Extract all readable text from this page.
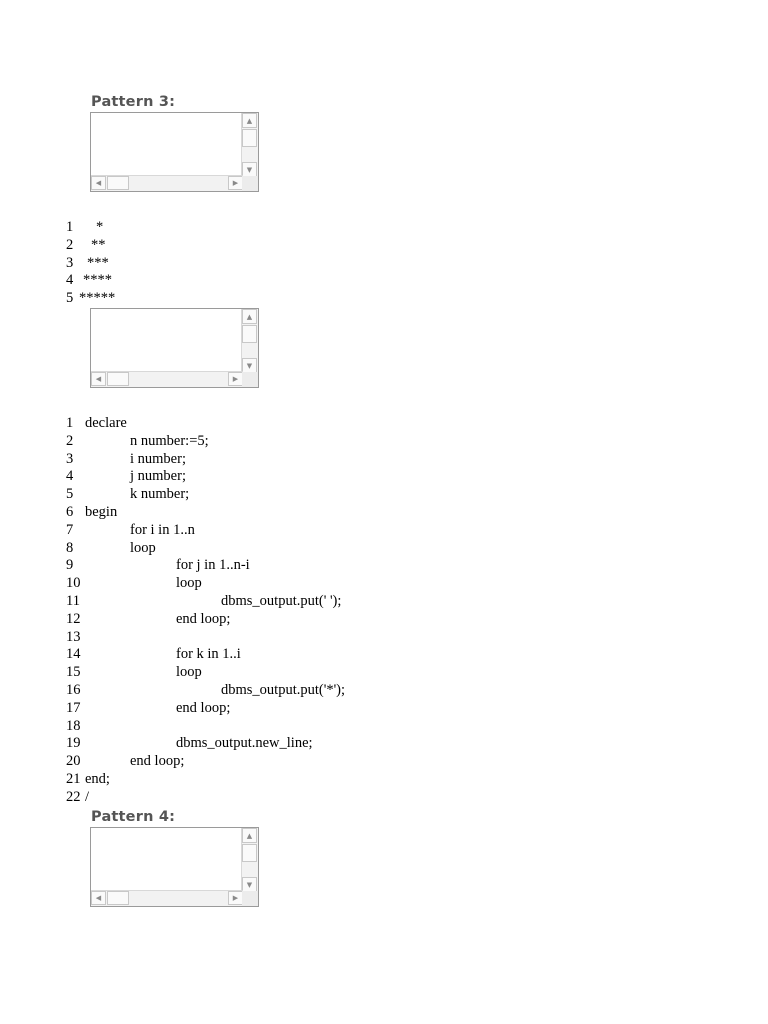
Pattern 3:
▲
▼
◀	▶
1 *
2 **
3 ***
4 ****
5 *****
▲
▼
◀	▶
1 declare
2	n number:=5;
3	i number;
4	j number;
5	k number;
6 begin
7	for i in 1..n
8	loop
9	for j in 1..n-i
10	loop
11	dbms_output.put(' ');
12	end loop;
13
14	for k in 1..i
15	loop
16	dbms_output.put('*');
17	end loop;
18
19	dbms_output.new_line;
20	end loop;
21 end;
22 /
Pattern 4:
▲
▼
◀	▶
